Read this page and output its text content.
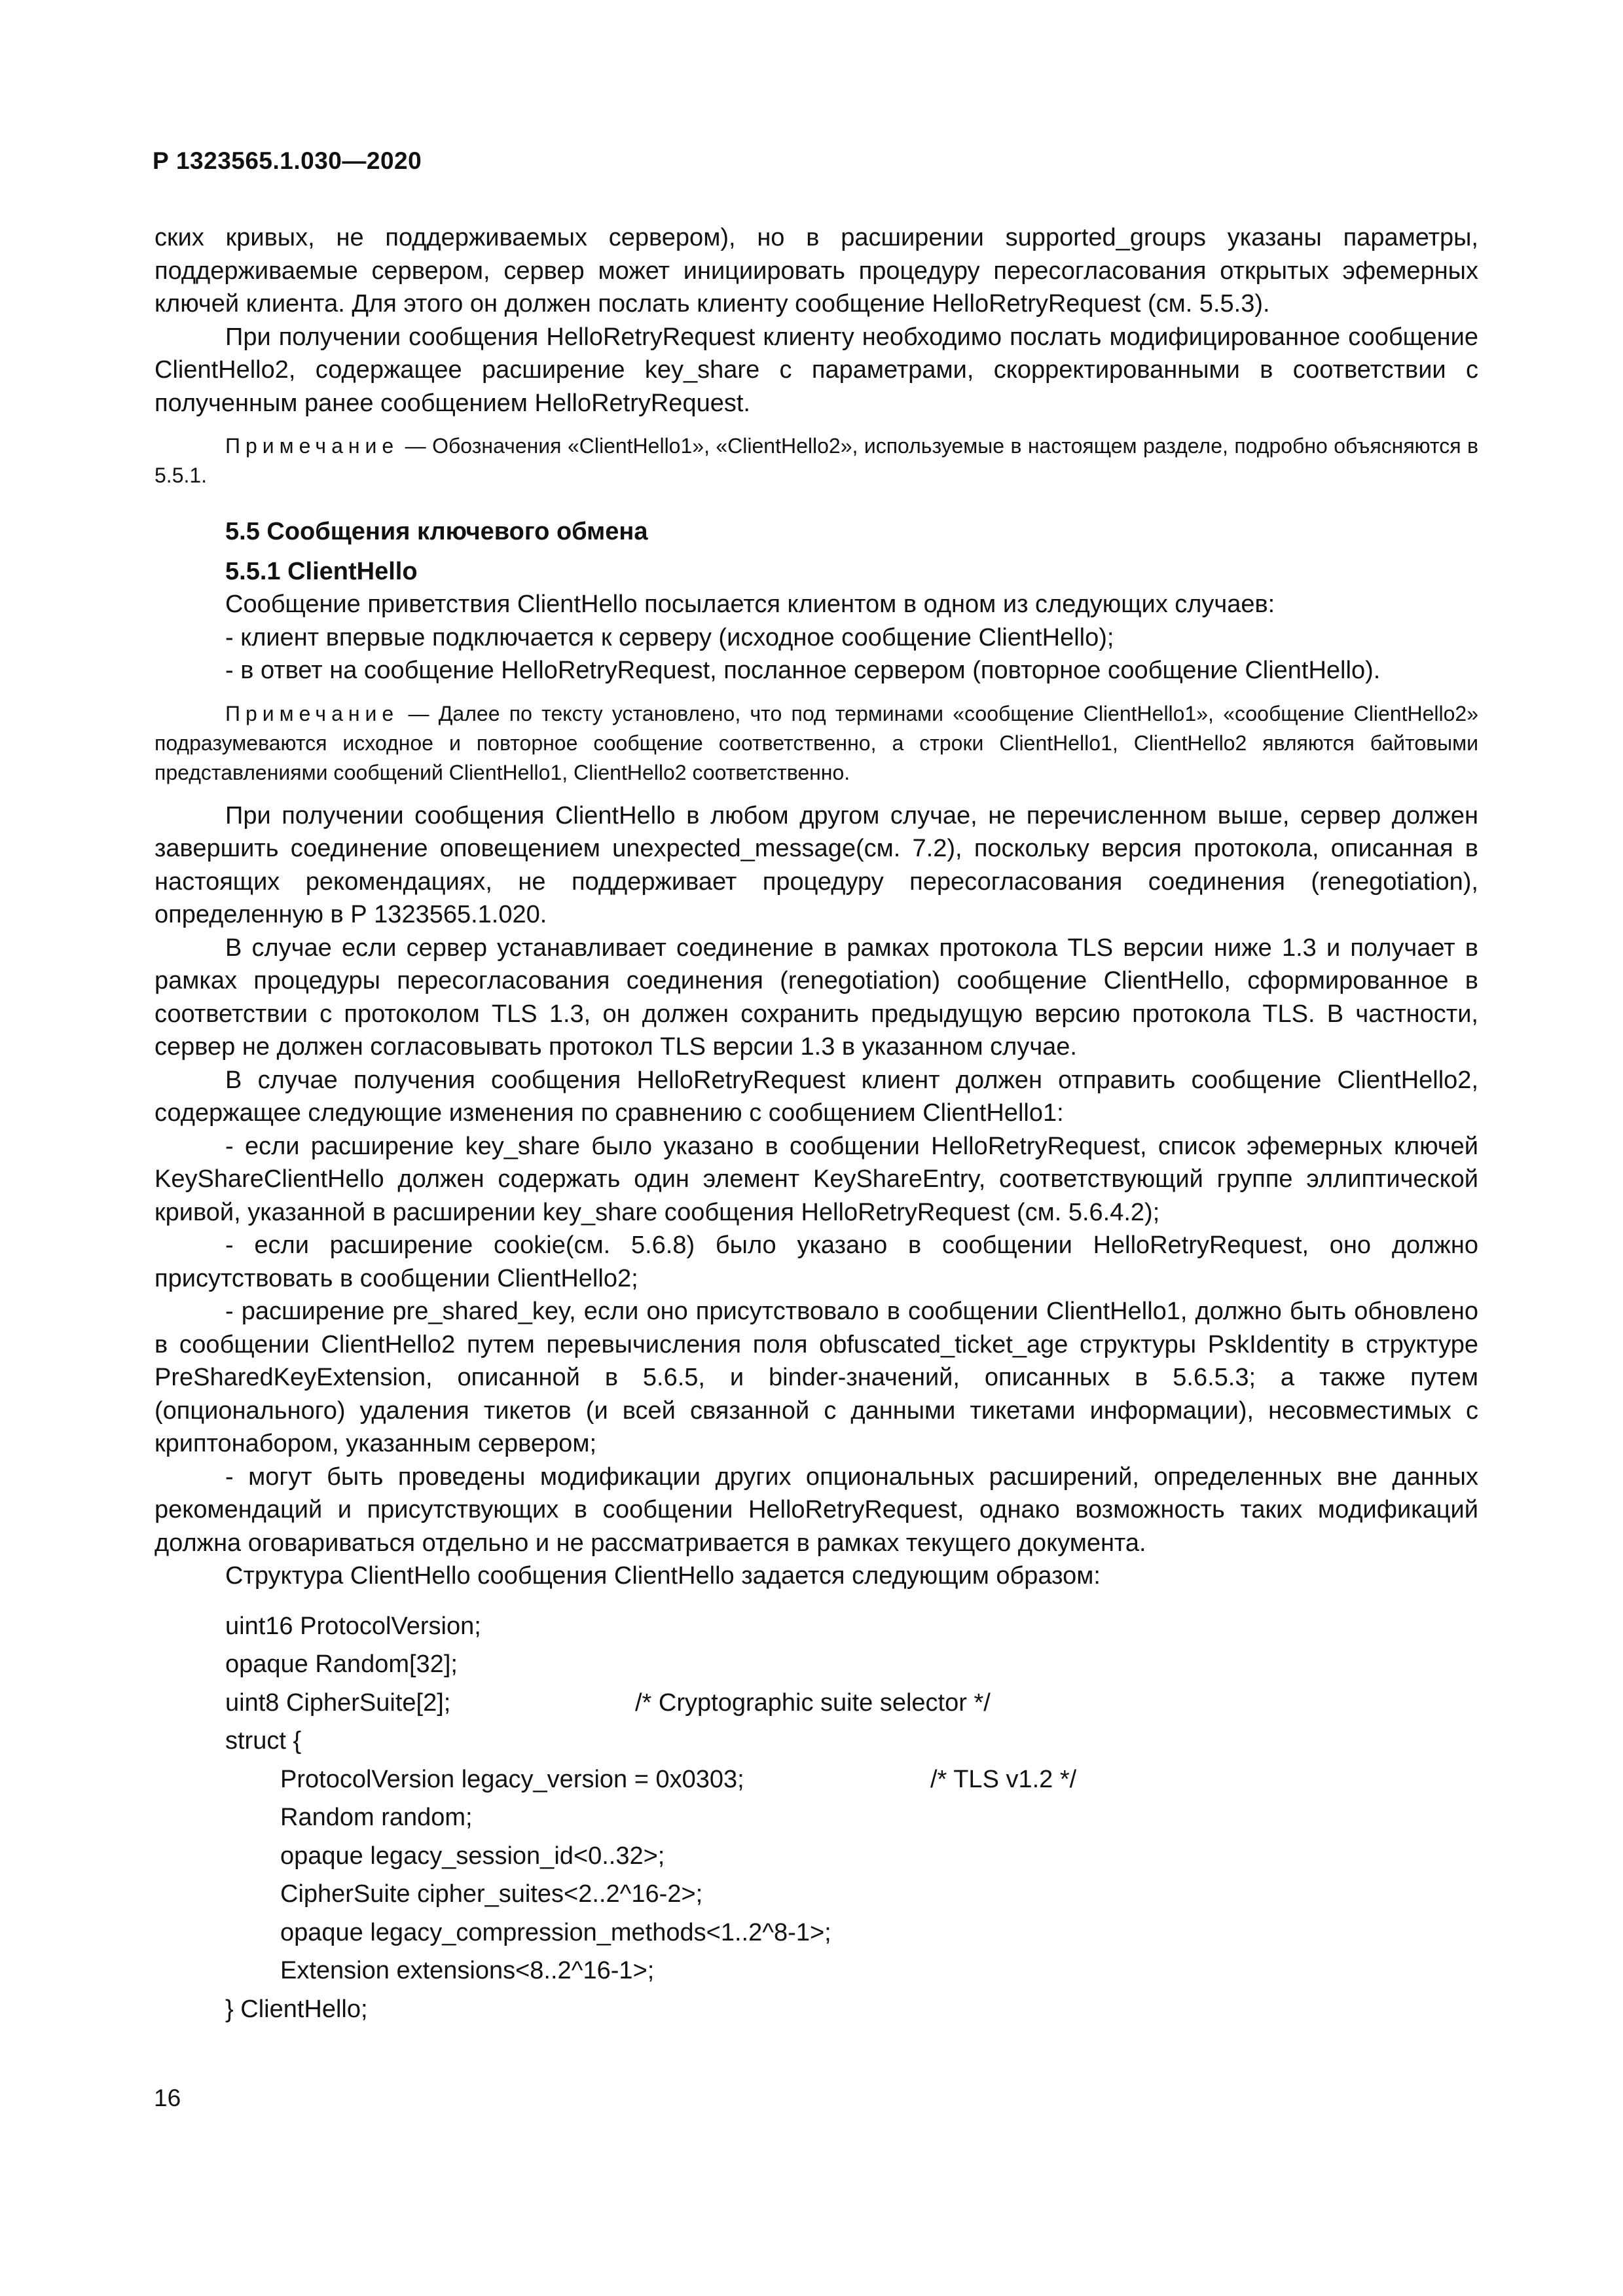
Р 1323565.1.030—2020

ских кривых, не поддерживаемых сервером), но в расширении supported_groups указаны параметры, поддерживаемые сервером, сервер может инициировать процедуру пересогласования открытых эфемерных ключей клиента. Для этого он должен послать клиенту сообщение HelloRetryRequest (см. 5.5.3).

При получении сообщения HelloRetryRequest клиенту необходимо послать модифицированное сообщение ClientHello2, содержащее расширение key_share с параметрами, скорректированными в соответствии с полученным ранее сообщением HelloRetryRequest.

Примечание — Обозначения «ClientHello1», «ClientHello2», используемые в настоящем разделе, подробно объясняются в 5.5.1.

5.5 Сообщения ключевого обмена

5.5.1 ClientHello

Сообщение приветствия ClientHello посылается клиентом в одном из следующих случаев:

- клиент впервые подключается к серверу (исходное сообщение ClientHello);

- в ответ на сообщение HelloRetryRequest, посланное сервером (повторное сообщение ClientHello).

Примечание — Далее по тексту установлено, что под терминами «сообщение ClientHello1», «сообщение ClientHello2» подразумеваются исходное и повторное сообщение соответственно, а строки ClientHello1, ClientHello2 являются байтовыми представлениями сообщений ClientHello1, ClientHello2 соответственно.

При получении сообщения ClientHello в любом другом случае, не перечисленном выше, сервер должен завершить соединение оповещением unexpected_message(см. 7.2), поскольку версия протокола, описанная в настоящих рекомендациях, не поддерживает процедуру пересогласования соединения (renegotiation), определенную в Р 1323565.1.020.

В случае если сервер устанавливает соединение в рамках протокола TLS версии ниже 1.3 и получает в рамках процедуры пересогласования соединения (renegotiation) сообщение ClientHello, сформированное в соответствии с протоколом TLS 1.3, он должен сохранить предыдущую версию протокола TLS. В частности, сервер не должен согласовывать протокол TLS версии 1.3 в указанном случае.

В случае получения сообщения HelloRetryRequest клиент должен отправить сообщение ClientHello2, содержащее следующие изменения по сравнению с сообщением ClientHello1:

- если расширение key_share было указано в сообщении HelloRetryRequest, список эфемерных ключей KeyShareClientHello должен содержать один элемент KeyShareEntry, соответствующий группе эллиптической кривой, указанной в расширении key_share сообщения HelloRetryRequest (см. 5.6.4.2);

- если расширение cookie(см. 5.6.8) было указано в сообщении HelloRetryRequest, оно должно присутствовать в сообщении ClientHello2;

- расширение pre_shared_key, если оно присутствовало в сообщении ClientHello1, должно быть обновлено в сообщении ClientHello2 путем перевычисления поля obfuscated_ticket_age структуры PskIdentity в структуре PreSharedKeyExtension, описанной в 5.6.5, и binder-значений, описанных в 5.6.5.3; а также путем (опционального) удаления тикетов (и всей связанной с данными тикетами информации), несовместимых с криптонабором, указанным сервером;

- могут быть проведены модификации других опциональных расширений, определенных вне данных рекомендаций и присутствующих в сообщении HelloRetryRequest, однако возможность таких модификаций должна оговариваться отдельно и не рассматривается в рамках текущего документа.

Структура ClientHello сообщения ClientHello задается следующим образом:

uint16 ProtocolVersion;
opaque Random[32];
uint8 CipherSuite[2];	/* Cryptographic suite selector */
struct {
ProtocolVersion legacy_version = 0x0303;	/* TLS v1.2 */
Random random;
opaque legacy_session_id<0..32>;
CipherSuite cipher_suites<2..2^16-2>;
opaque legacy_compression_methods<1..2^8-1>;
Extension extensions<8..2^16-1>;
} ClientHello;
16
